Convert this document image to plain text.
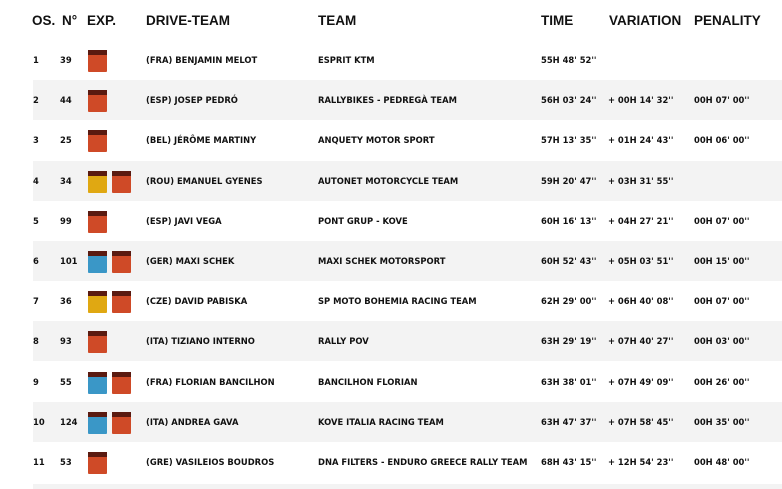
OS. N° EXP. DRIVE-TEAM	TEAM	TIME	VARIATION PENALITY
1	39	(FRA) BENJAMIN MELOT	ESPRIT KTM	55H 48' 52''
2	44	(ESP) JOSEP PEDRÓ	RALLYBIKES - PEDREGÀ TEAM	56H 03' 24'' + 00H 14' 32'' 00H 07' 00''
3	25	(BEL) JÉRÔME MARTINY	ANQUETY MOTOR SPORT	57H 13' 35'' + 01H 24' 43'' 00H 06' 00''
4	34	(ROU) EMANUEL GYENES	AUTONET MOTORCYCLE TEAM	59H 20' 47'' + 03H 31' 55''
5	99	(ESP) JAVI VEGA	PONT GRUP - KOVE	60H 16' 13'' + 04H 27' 21'' 00H 07' 00''
6	101	(GER) MAXI SCHEK	MAXI SCHEK MOTORSPORT	60H 52' 43'' + 05H 03' 51'' 00H 15' 00''
7	36	(CZE) DAVID PABISKA	SP MOTO BOHEMIA RACING TEAM	62H 29' 00'' + 06H 40' 08'' 00H 07' 00''
8	93	(ITA) TIZIANO INTERNO	RALLY POV	63H 29' 19'' + 07H 40' 27'' 00H 03' 00''
9	55	(FRA) FLORIAN BANCILHON	BANCILHON FLORIAN	63H 38' 01'' + 07H 49' 09'' 00H 26' 00''
10 124	(ITA) ANDREA GAVA	KOVE ITALIA RACING TEAM	63H 47' 37'' + 07H 58' 45'' 00H 35' 00''
11 53	(GRE) VASILEIOS BOUDROS	DNA FILTERS - ENDURO GREECE RALLY TEAM 68H 43' 15'' + 12H 54' 23'' 00H 48' 00''
